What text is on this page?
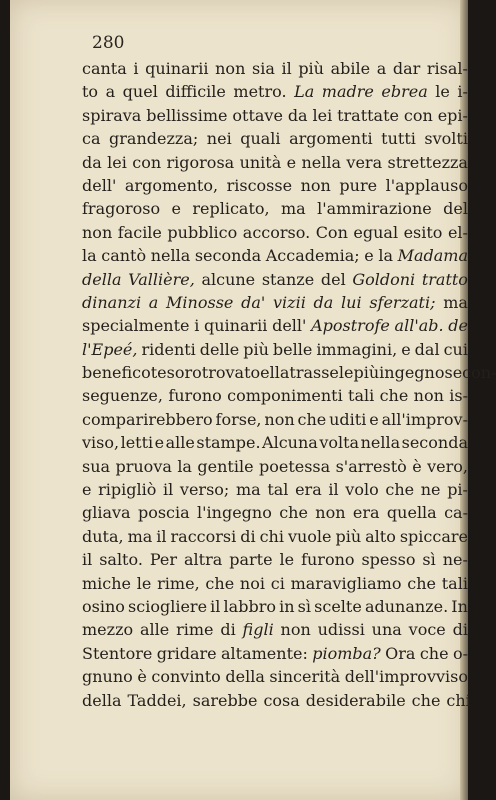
280
canta i quinarii non sia il più abile a dar risal-
to a quel difficile metro. La madre ebrea le i-
spirava bellissime ottave da lei trattate con epi-
ca grandezza; nei quali argomenti tutti svolti
da lei con rigorosa unità e nella vera strettezza
dell' argomento, riscosse non pure l'applauso
fragoroso e replicato, ma l'ammirazione del
non facile pubblico accorso. Con egual esito el-
la cantò nella seconda Accademia; e la Madama
della Vallière, alcune stanze del Goldoni tratto
dinanzi a Minosse da' vizii da lui sferzati; ma
specialmente i quinarii dell' Apostrofe all'ab. de
l'Epeé, ridenti delle più belle immagini, e dal cui
benefico tesoro trovato ella trasse le più ingegnose con-
seguenze, furono componimenti tali che non is-
comparirebbero forse, non che uditi e all'improv-
viso, letti e alle stampe. Alcuna volta nella seconda
sua pruova la gentile poetessa s'arrestò è vero,
e ripigliò il verso; ma tal era il volo che ne pi-
gliava poscia l'ingegno che non era quella ca-
duta, ma il raccorsi di chi vuole più alto spiccare
il salto. Per altra parte le furono spesso sì ne-
miche le rime, che noi ci maravigliamo che tali
osino sciogliere il labbro in sì scelte adunanze. In
mezzo alle rime di figli non udissi una voce di
Stentore gridare altamente: piomba? Ora che o-
gnuno è convinto della sincerità dell'improvviso
della Taddei, sarebbe cosa desiderabile che chi
